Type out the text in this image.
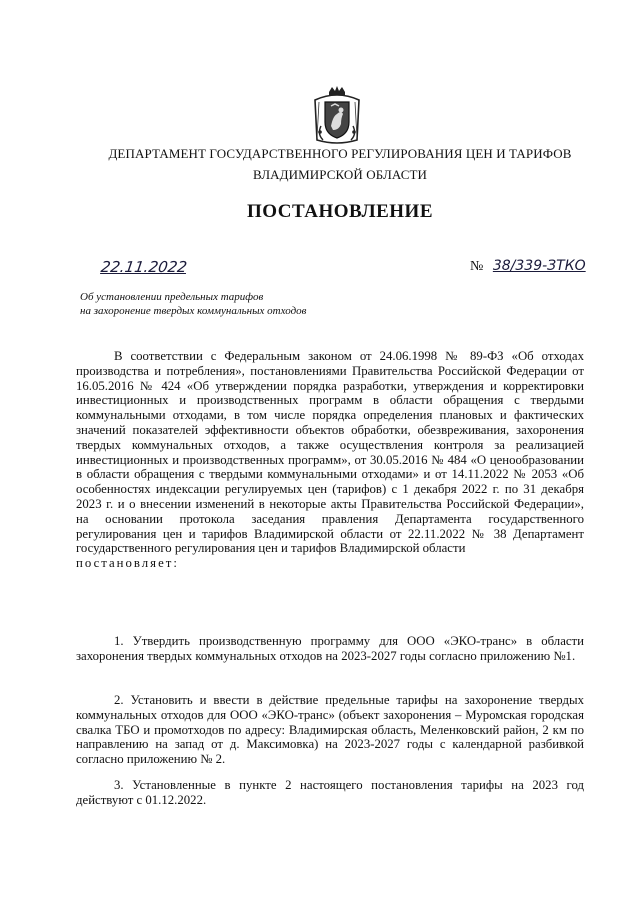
ДЕПАРТАМЕНТ ГОСУДАРСТВЕННОГО РЕГУЛИРОВАНИЯ ЦЕН И ТАРИФОВ
ВЛАДИМИРСКОЙ ОБЛАСТИ
ПОСТАНОВЛЕНИЕ
22.11.2022	№ 38/339-ЗТКО
Об установлении предельных тарифов
на захоронение твердых коммунальных отходов
В соответствии с Федеральным законом от 24.06.1998 № 89-ФЗ «Об отходах производства и потребления», постановлениями Правительства Российской Федерации от 16.05.2016 № 424 «Об утверждении порядка разработки, утверждения и корректировки инвестиционных и производственных программ в области обращения с твердыми коммунальными отходами, в том числе порядка определения плановых и фактических значений показателей эффективности объектов обработки, обезвреживания, захоронения твердых коммунальных отходов, а также осуществления контроля за реализацией инвестиционных и производственных программ», от 30.05.2016 № 484 «О ценообразовании в области обращения с твердыми коммунальными отходами» и от 14.11.2022 № 2053 «Об особенностях индексации регулируемых цен (тарифов) с 1 декабря 2022 г. по 31 декабря 2023 г. и о внесении изменений в некоторые акты Правительства Российской Федерации», на основании протокола заседания правления Департамента государственного регулирования цен и тарифов Владимирской области от 22.11.2022 № 38 Департамент государственного регулирования цен и тарифов Владимирской области
постановляет:
1. Утвердить производственную программу для ООО «ЭКО-транс» в области захоронения твердых коммунальных отходов на 2023-2027 годы согласно приложению №1.
2. Установить и ввести в действие предельные тарифы на захоронение твердых коммунальных отходов для ООО «ЭКО-транс» (объект захоронения – Муромская городская свалка ТБО и промотходов по адресу: Владимирская область, Меленковский район, 2 км по направлению на запад от д. Максимовка) на 2023-2027 годы с календарной разбивкой согласно приложению № 2.
3. Установленные в пункте 2 настоящего постановления тарифы на 2023 год действуют с 01.12.2022.
